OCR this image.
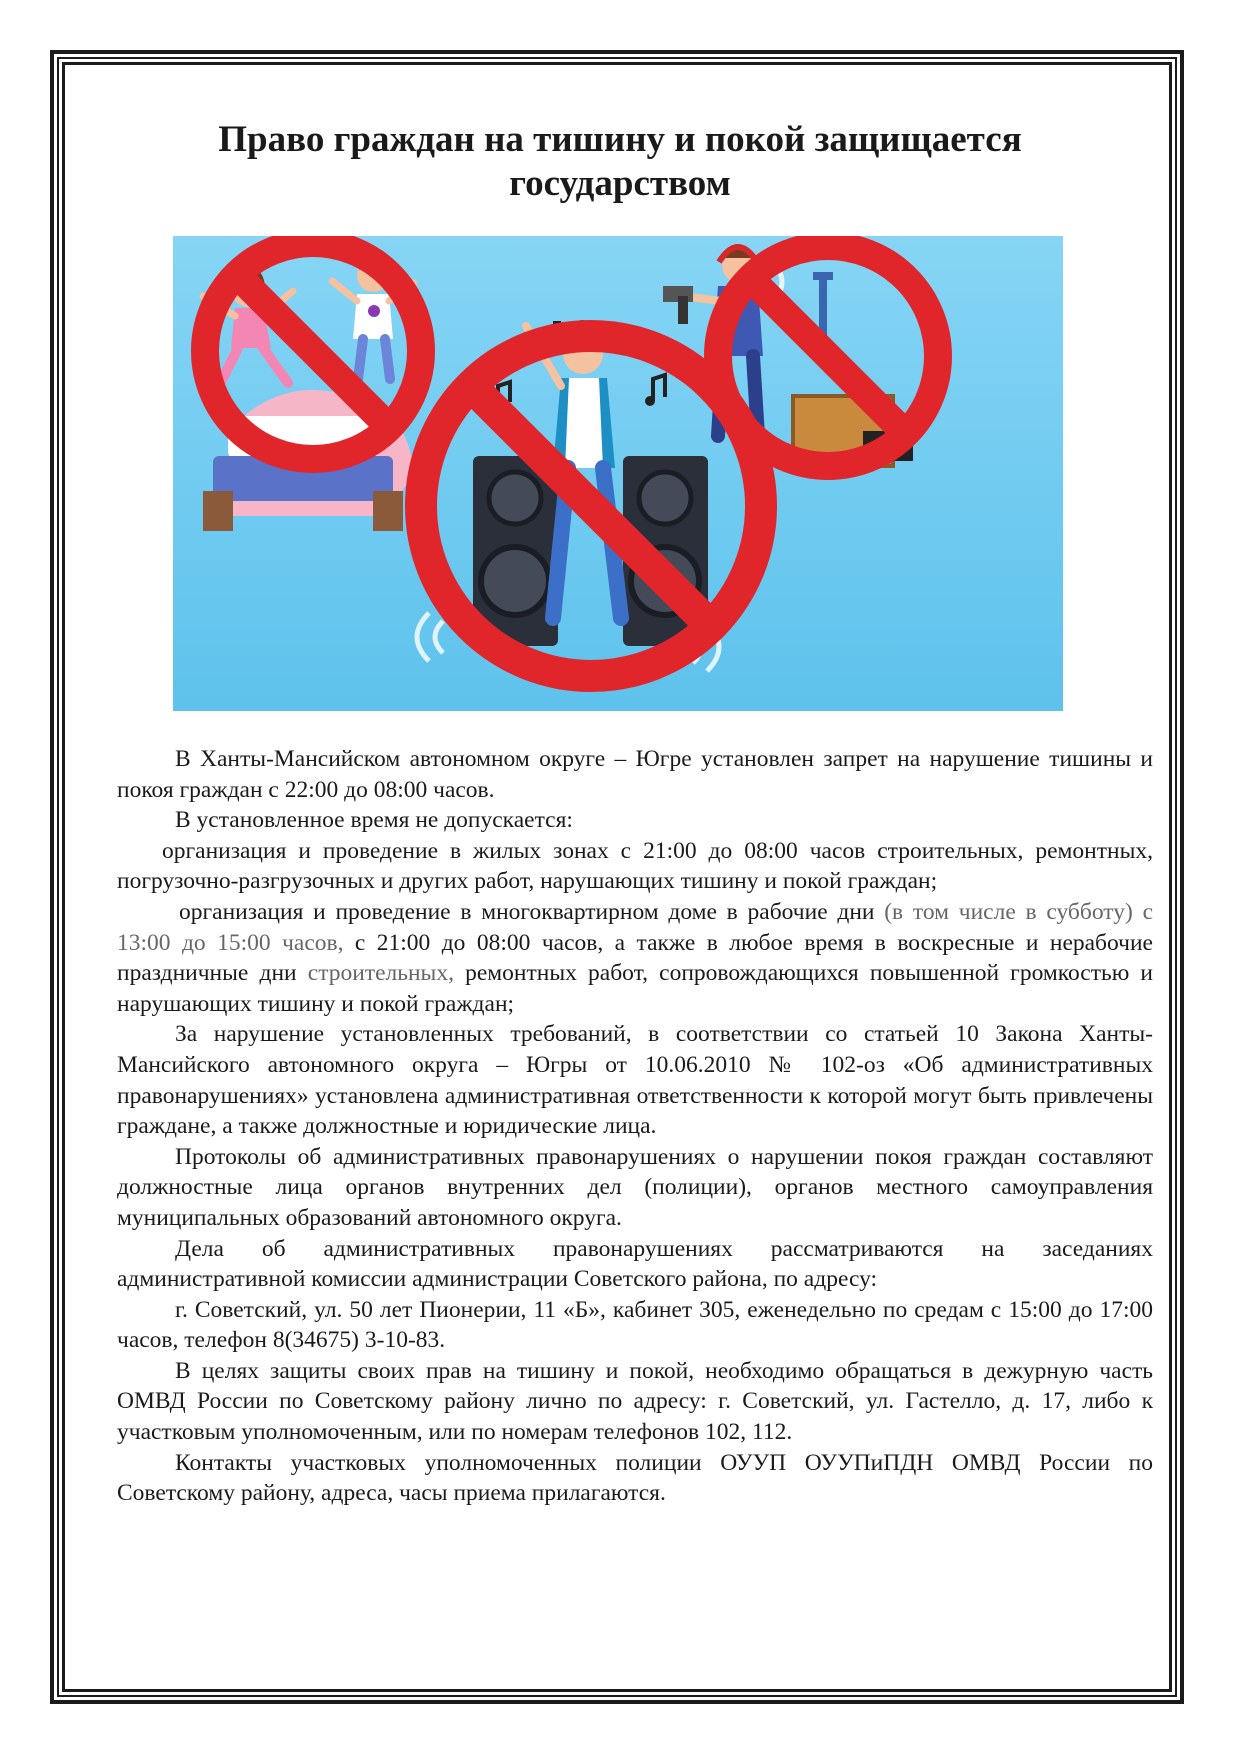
Право граждан на тишину и покой защищается
государством

В Ханты-Мансийском автономном округе – Югре установлен запрет на нарушение тишины и покоя граждан с 22:00 до 08:00 часов.

В установленное время не допускается:

организация и проведение в жилых зонах с 21:00 до 08:00 часов строительных, ремонтных, погрузочно-разгрузочных и других работ, нарушающих тишину и покой граждан;

организация и проведение в многоквартирном доме в рабочие дни (в том числе в субботу) с 13:00 до 15:00 часов, с 21:00 до 08:00 часов, а также в любое время в воскресные и нерабочие праздничные дни строительных, ремонтных работ, сопровождающихся повышенной громкостью и нарушающих тишину и покой граждан;

За нарушение установленных требований, в соответствии со статьей 10 Закона Ханты-Мансийского автономного округа – Югры от 10.06.2010 № 102-оз «Об административных правонарушениях» установлена административная ответственности к которой могут быть привлечены граждане, а также должностные и юридические лица.

Протоколы об административных правонарушениях о нарушении покоя граждан составляют должностные лица органов внутренних дел (полиции), органов местного самоуправления муниципальных образований автономного округа.

Дела об административных правонарушениях рассматриваются на заседаниях административной комиссии администрации Советского района, по адресу:

г. Советский, ул. 50 лет Пионерии, 11 «Б», кабинет 305, еженедельно по средам с 15:00 до 17:00 часов, телефон 8(34675) 3-10-83.

В целях защиты своих прав на тишину и покой, необходимо обращаться в дежурную часть ОМВД России по Советскому району лично по адресу: г. Советский, ул. Гастелло, д. 17, либо к участковым уполномоченным, или по номерам телефонов 102, 112.

Контакты участковых уполномоченных полиции ОУУП ОУУПиПДН ОМВД России по Советскому району, адреса, часы приема прилагаются.
